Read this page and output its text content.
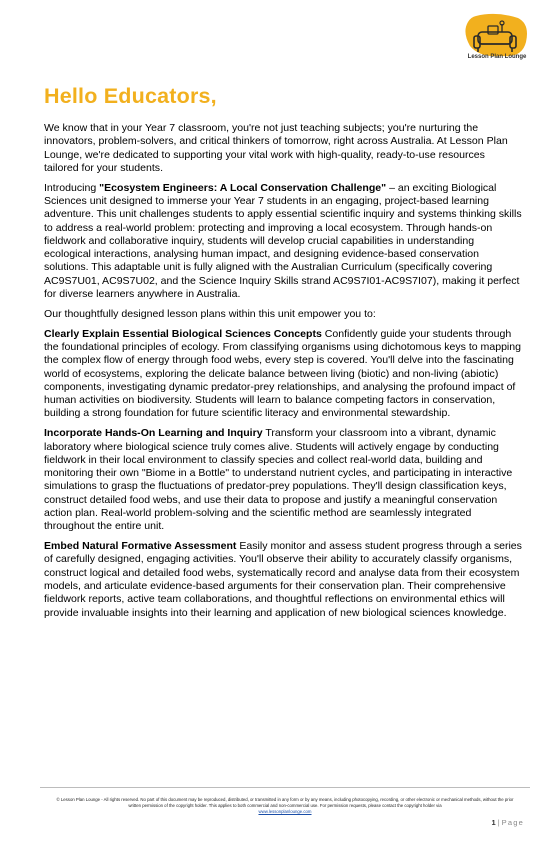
Lesson Plan Lounge
Hello Educators,

We know that in your Year 7 classroom, you're not just teaching subjects; you're nurturing the innovators, problem-solvers, and critical thinkers of tomorrow, right across Australia. At Lesson Plan Lounge, we're dedicated to supporting your vital work with high-quality, ready-to-use resources tailored for your students.

Introducing "Ecosystem Engineers: A Local Conservation Challenge" – an exciting Biological Sciences unit designed to immerse your Year 7 students in an engaging, project-based learning adventure. This unit challenges students to apply essential scientific inquiry and systems thinking skills to address a real-world problem: protecting and improving a local ecosystem. Through hands-on fieldwork and collaborative inquiry, students will develop crucial capabilities in understanding ecological interactions, analysing human impact, and designing evidence-based conservation solutions. This adaptable unit is fully aligned with the Australian Curriculum (specifically covering AC9S7U01, AC9S7U02, and the Science Inquiry Skills strand AC9S7I01-AC9S7I07), making it perfect for diverse learners anywhere in Australia.

Our thoughtfully designed lesson plans within this unit empower you to:

Clearly Explain Essential Biological Sciences Concepts Confidently guide your students through the foundational principles of ecology. From classifying organisms using dichotomous keys to mapping the complex flow of energy through food webs, every step is covered. You'll delve into the fascinating world of ecosystems, exploring the delicate balance between living (biotic) and non-living (abiotic) components, investigating dynamic predator-prey relationships, and analysing the profound impact of human activities on biodiversity. Students will learn to balance competing factors in conservation, building a strong foundation for future scientific literacy and environmental stewardship.

Incorporate Hands-On Learning and Inquiry Transform your classroom into a vibrant, dynamic laboratory where biological science truly comes alive. Students will actively engage by conducting fieldwork in their local environment to classify species and collect real-world data, building and monitoring their own "Biome in a Bottle" to understand nutrient cycles, and participating in interactive simulations to grasp the fluctuations of predator-prey populations. They'll design classification keys, construct detailed food webs, and use their data to propose and justify a meaningful conservation action plan. Real-world problem-solving and the scientific method are seamlessly integrated throughout the entire unit.

Embed Natural Formative Assessment Easily monitor and assess student progress through a series of carefully designed, engaging activities. You'll observe their ability to accurately classify organisms, construct logical and detailed food webs, systematically record and analyse data from their ecosystem models, and articulate evidence-based arguments for their conservation plan. Their comprehensive fieldwork reports, active team collaborations, and thoughtful reflections on environmental ethics will provide invaluable insights into their learning and application of new biological sciences knowledge.

© Lesson Plan Lounge - All rights reserved. No part of this document may be reproduced, distributed, or transmitted in any form or by any means, including photocopying, recording, or other electronic or mechanical methods, without the prior written permission of the copyright holder. This applies to both commercial and non-commercial use. For permission requests, please contact the copyright holder via
www.lessonplanlounge.com
1 | Page
